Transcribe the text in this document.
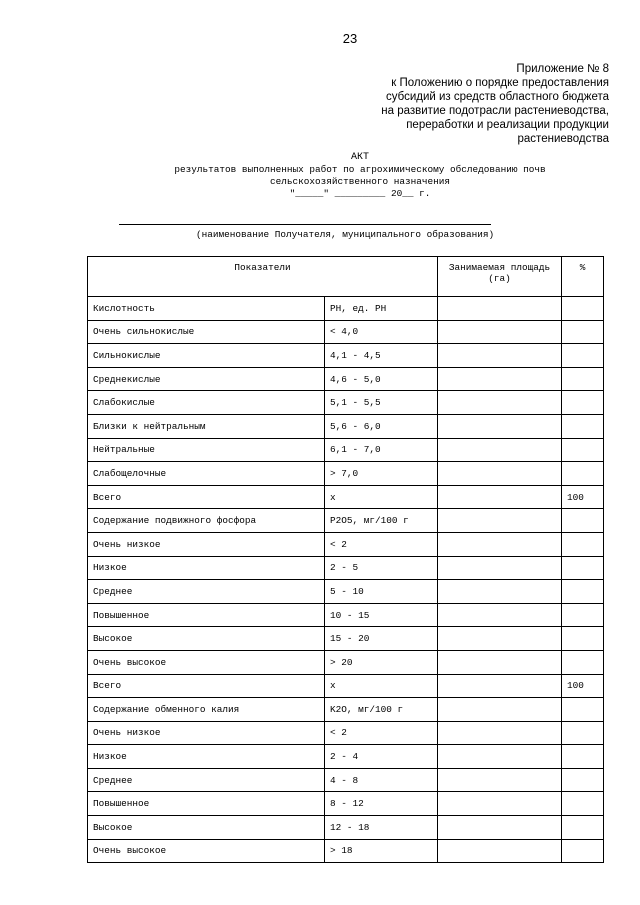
23
Приложение № 8
к Положению о порядке предоставления
субсидий из средств областного бюджета
на развитие подотрасли растениеводства,
переработки и реализации продукции
растениеводства
АКТ
результатов выполненных работ по агрохимическому обследованию почв
сельскохозяйственного назначения
"_____" _________ 20__ г.
(наименование Получателя, муниципального образования)
Показатели		Занимаемая площадь (га)	%
Кислотность	PH, ед. PH		
Очень сильнокислые	< 4,0		
Сильнокислые	4,1 - 4,5		
Среднекислые	4,6 - 5,0		
Слабокислые	5,1 - 5,5		
Близки к нейтральным	5,6 - 6,0		
Нейтральные	6,1 - 7,0		
Слабощелочные	> 7,0		
Всего	х		100
Содержание подвижного фосфора	P2O5, мг/100 г		
Очень низкое	< 2		
Низкое	2 - 5		
Среднее	5 - 10		
Повышенное	10 - 15		
Высокое	15 - 20		
Очень высокое	> 20		
Всего	х		100
Содержание обменного калия	K2O, мг/100 г		
Очень низкое	< 2		
Низкое	2 - 4		
Среднее	4 - 8		
Повышенное	8 - 12		
Высокое	12 - 18		
Очень высокое	> 18		
